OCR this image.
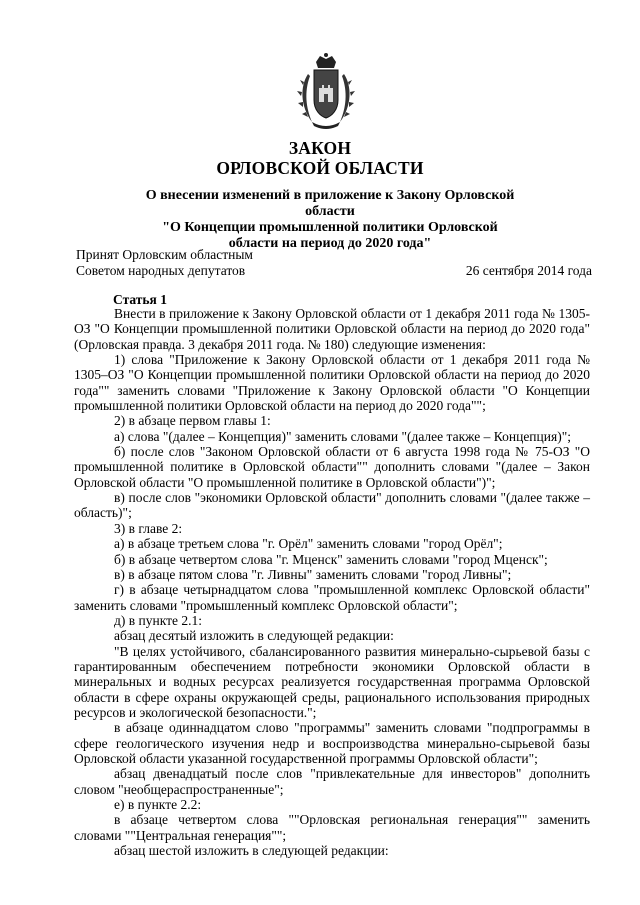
ЗАКОН
ОРЛОВСКОЙ ОБЛАСТИ
О внесении изменений в приложение к Закону Орловской области
"О Концепции промышленной политики Орловской
области на период до 2020 года"
Принят Орловским областным
Советом народных депутатов	26 сентября 2014 года
Статья 1

Внести в приложение к Закону Орловской области от 1 декабря 2011 года № 1305-ОЗ "О Концепции промышленной политики Орловской области на период до 2020 года" (Орловская правда. 3 декабря 2011 года. № 180) следующие изменения:

1) слова "Приложение к Закону Орловской области от 1 декабря 2011 года № 1305–ОЗ "О Концепции промышленной политики Орловской области на период до 2020 года"" заменить словами "Приложение к Закону Орловской области "О Концепции промышленной политики Орловской области на период до 2020 года"";

2) в абзаце первом главы 1:

а) слова "(далее – Концепция)" заменить словами "(далее также – Концепция)";

б) после слов "Законом Орловской области от 6 августа 1998 года № 75-ОЗ "О промышленной политике в Орловской области"" дополнить словами "(далее – Закон Орловской области "О промышленной политике в Орловской области")";

в) после слов "экономики Орловской области" дополнить словами "(далее также – область)";

3) в главе 2:

а) в абзаце третьем слова "г. Орёл" заменить словами "город Орёл";

б) в абзаце четвертом слова "г. Мценск" заменить словами "город Мценск";

в) в абзаце пятом слова "г. Ливны" заменить словами "город Ливны";

г) в абзаце четырнадцатом слова "промышленной комплекс Орловской области" заменить словами "промышленный комплекс Орловской области";

д) в пункте 2.1:

абзац десятый изложить в следующей редакции:

"В целях устойчивого, сбалансированного развития минерально-сырьевой базы с гарантированным обеспечением потребности экономики Орловской области в минеральных и водных ресурсах реализуется государственная программа Орловской области в сфере охраны окружающей среды, рационального использования природных ресурсов и экологической безопасности.";

в абзаце одиннадцатом слово "программы" заменить словами "подпрограммы в сфере геологического изучения недр и воспроизводства минерально-сырьевой базы Орловской области указанной государственной программы Орловской области";

абзац двенадцатый после слов "привлекательные для инвесторов" дополнить словом "необщераспространенные";

е) в пункте 2.2:

в абзаце четвертом слова ""Орловская региональная генерация"" заменить словами ""Центральная генерация"";

абзац шестой изложить в следующей редакции:
